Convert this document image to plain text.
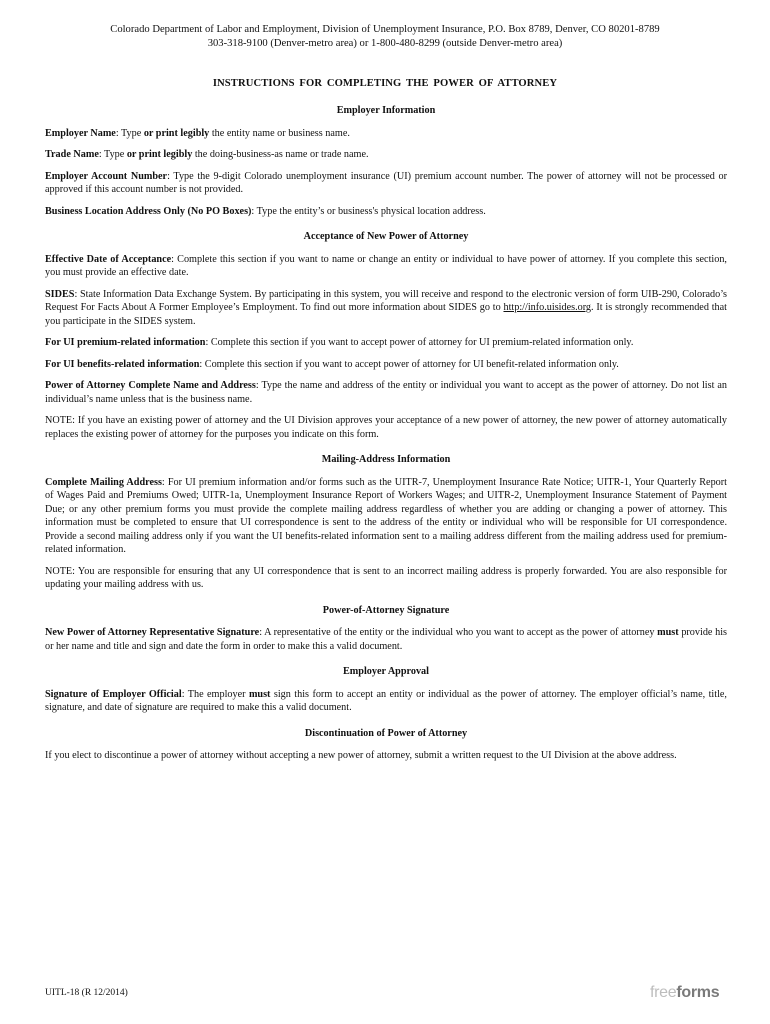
Colorado Department of Labor and Employment, Division of Unemployment Insurance, P.O. Box 8789, Denver, CO 80201-8789
303-318-9100 (Denver-metro area) or 1-800-480-8299 (outside Denver-metro area)
INSTRUCTIONS FOR COMPLETING THE POWER OF ATTORNEY
Employer Information

Employer Name: Type or print legibly the entity name or business name.

Trade Name: Type or print legibly the doing-business-as name or trade name.

Employer Account Number: Type the 9-digit Colorado unemployment insurance (UI) premium account number. The power of attorney will not be processed or approved if this account number is not provided.

Business Location Address Only (No PO Boxes): Type the entity’s or business's physical location address.

Acceptance of New Power of Attorney

Effective Date of Acceptance: Complete this section if you want to name or change an entity or individual to have power of attorney. If you complete this section, you must provide an effective date.

SIDES: State Information Data Exchange System. By participating in this system, you will receive and respond to the electronic version of form UIB-290, Colorado’s Request For Facts About A Former Employee’s Employment. To find out more information about SIDES go to http://info.uisides.org. It is strongly recommended that you participate in the SIDES system.

For UI premium-related information: Complete this section if you want to accept power of attorney for UI premium-related information only.

For UI benefits-related information: Complete this section if you want to accept power of attorney for UI benefit-related information only.

Power of Attorney Complete Name and Address: Type the name and address of the entity or individual you want to accept as the power of attorney. Do not list an individual’s name unless that is the business name.

NOTE: If you have an existing power of attorney and the UI Division approves your acceptance of a new power of attorney, the new power of attorney automatically replaces the existing power of attorney for the purposes you indicate on this form.

Mailing-Address Information

Complete Mailing Address: For UI premium information and/or forms such as the UITR-7, Unemployment Insurance Rate Notice; UITR-1, Your Quarterly Report of Wages Paid and Premiums Owed; UITR-1a, Unemployment Insurance Report of Workers Wages; and UITR-2, Unemployment Insurance Statement of Payment Due; or any other premium forms you must provide the complete mailing address regardless of whether you are adding or changing a power of attorney. This information must be completed to ensure that UI correspondence is sent to the address of the entity or individual who will be responsible for UI correspondence. Provide a second mailing address only if you want the UI benefits-related information sent to a mailing address different from the mailing address used for premium-related information.

NOTE: You are responsible for ensuring that any UI correspondence that is sent to an incorrect mailing address is properly forwarded. You are also responsible for updating your mailing address with us.

Power-of-Attorney Signature

New Power of Attorney Representative Signature: A representative of the entity or the individual who you want to accept as the power of attorney must provide his or her name and title and sign and date the form in order to make this a valid document.

Employer Approval

Signature of Employer Official: The employer must sign this form to accept an entity or individual as the power of attorney. The employer official’s name, title, signature, and date of signature are required to make this a valid document.

Discontinuation of Power of Attorney

If you elect to discontinue a power of attorney without accepting a new power of attorney, submit a written request to the UI Division at the above address.

UITL-18 (R 12/2014)	freeforms
